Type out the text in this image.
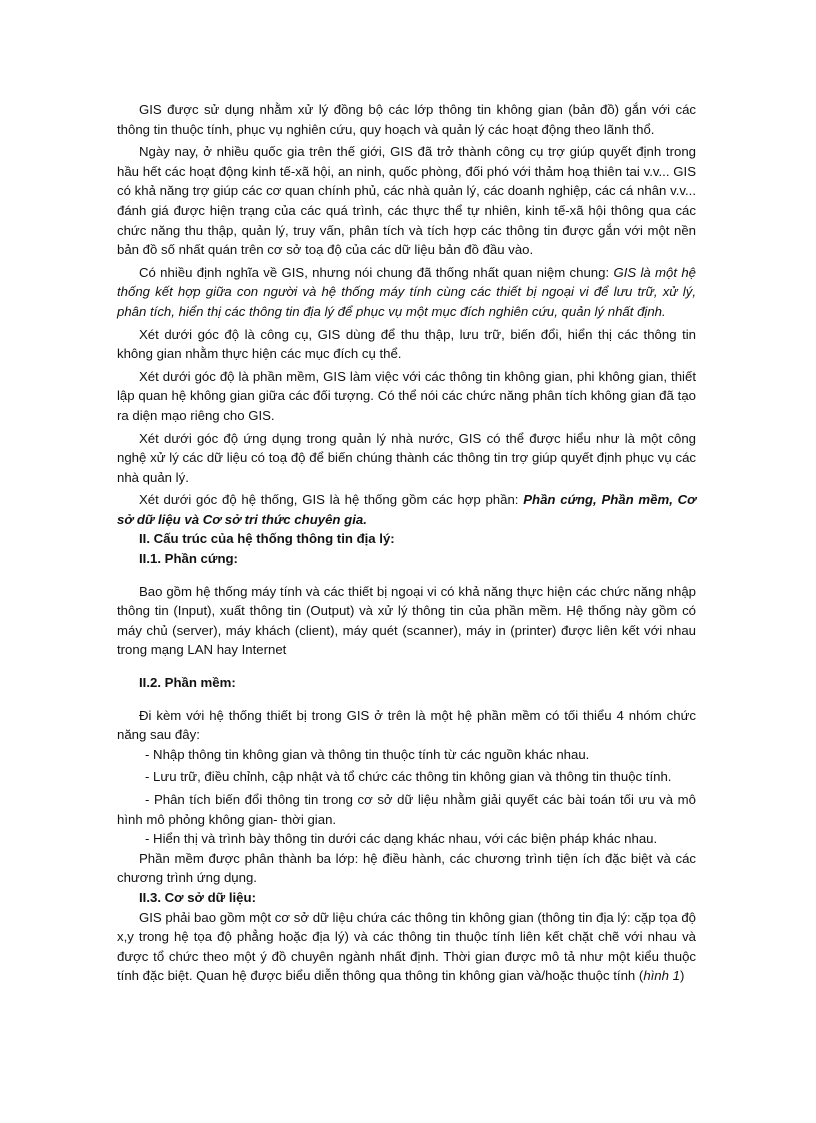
GIS được sử dụng nhằm xử lý đồng bộ các lớp thông tin không gian (bản đồ) gắn với các thông tin thuộc tính, phục vụ nghiên cứu, quy hoạch và quản lý các hoạt động theo lãnh thổ.

Ngày nay, ở nhiều quốc gia trên thế giới, GIS đã trở thành công cụ trợ giúp quyết định trong hầu hết các hoạt động kinh tế-xã hội, an ninh, quốc phòng, đối phó với thảm hoạ thiên tai v.v... GIS có khả năng trợ giúp các cơ quan chính phủ, các nhà quản lý, các doanh nghiệp, các cá nhân v.v... đánh giá được hiện trạng của các quá trình, các thực thể tự nhiên, kinh tế-xã hội thông qua các chức năng thu thập, quản lý, truy vấn, phân tích và tích hợp các thông tin được gắn với một nền bản đồ số nhất quán trên cơ sở toạ độ của các dữ liệu bản đồ đầu vào.

Có nhiều định nghĩa về GIS, nhưng nói chung đã thống nhất quan niệm chung: GIS là một hệ thống kết hợp giữa con người và hệ thống máy tính cùng các thiết bị ngoại vi để lưu trữ, xử lý, phân tích, hiển thị các thông tin địa lý để phục vụ một mục đích nghiên cứu, quản lý nhất định.

Xét dưới góc độ là công cụ, GIS dùng để thu thập, lưu trữ, biến đổi, hiển thị các thông tin không gian nhằm thực hiện các mục đích cụ thể.

Xét dưới góc độ là phần mềm, GIS làm việc với các thông tin không gian, phi không gian, thiết lập quan hệ không gian giữa các đối tượng. Có thể nói các chức năng phân tích không gian đã tạo ra diện mạo riêng cho GIS.

Xét dưới góc độ ứng dụng trong quản lý nhà nước, GIS có thể được hiểu như là một công nghệ xử lý các dữ liệu có toạ độ để biến chúng thành các thông tin trợ giúp quyết định phục vụ các nhà quản lý.

Xét dưới góc độ hệ thống, GIS là hệ thống gồm các hợp phần: Phần cứng, Phần mềm, Cơ sở dữ liệu và Cơ sở tri thức chuyên gia.

II. Cấu trúc của hệ thống thông tin địa lý:

II.1. Phần cứng:

Bao gồm hệ thống máy tính và các thiết bị ngoại vi có khả năng thực hiện các chức năng nhập thông tin (Input), xuất thông tin (Output) và xử lý thông tin của phần mềm. Hệ thống này gồm có máy chủ (server), máy khách (client), máy quét (scanner), máy in (printer) được liên kết với nhau trong mạng LAN hay Internet

II.2. Phần mềm:

Đi kèm với hệ thống thiết bị trong GIS ở trên là một hệ phần mềm có tối thiểu 4 nhóm chức năng sau đây:

- Nhập thông tin không gian và thông tin thuộc tính từ các nguồn khác nhau.

- Lưu trữ, điều chỉnh, cập nhật và tổ chức các thông tin không gian và thông tin thuộc tính.

- Phân tích biến đổi thông tin trong cơ sở dữ liệu nhằm giải quyết các bài toán tối ưu và mô hình mô phỏng không gian- thời gian.

- Hiển thị và trình bày thông tin dưới các dạng khác nhau, với các biện pháp khác nhau.

Phần mềm được phân thành ba lớp: hệ điều hành, các chương trình tiện ích đặc biệt và các chương trình ứng dụng.

II.3. Cơ sở dữ liệu:

GIS phải bao gồm một cơ sở dữ liệu chứa các thông tin không gian (thông tin địa lý: cặp tọa độ x,y trong hệ tọa độ phẳng hoặc địa lý) và các thông tin thuộc tính liên kết chặt chẽ với nhau và được tổ chức theo một ý đồ chuyên ngành nhất định. Thời gian được mô tả như một kiểu thuộc tính đặc biệt. Quan hệ được biểu diễn thông qua thông tin không gian và/hoặc thuộc tính (hình 1)
